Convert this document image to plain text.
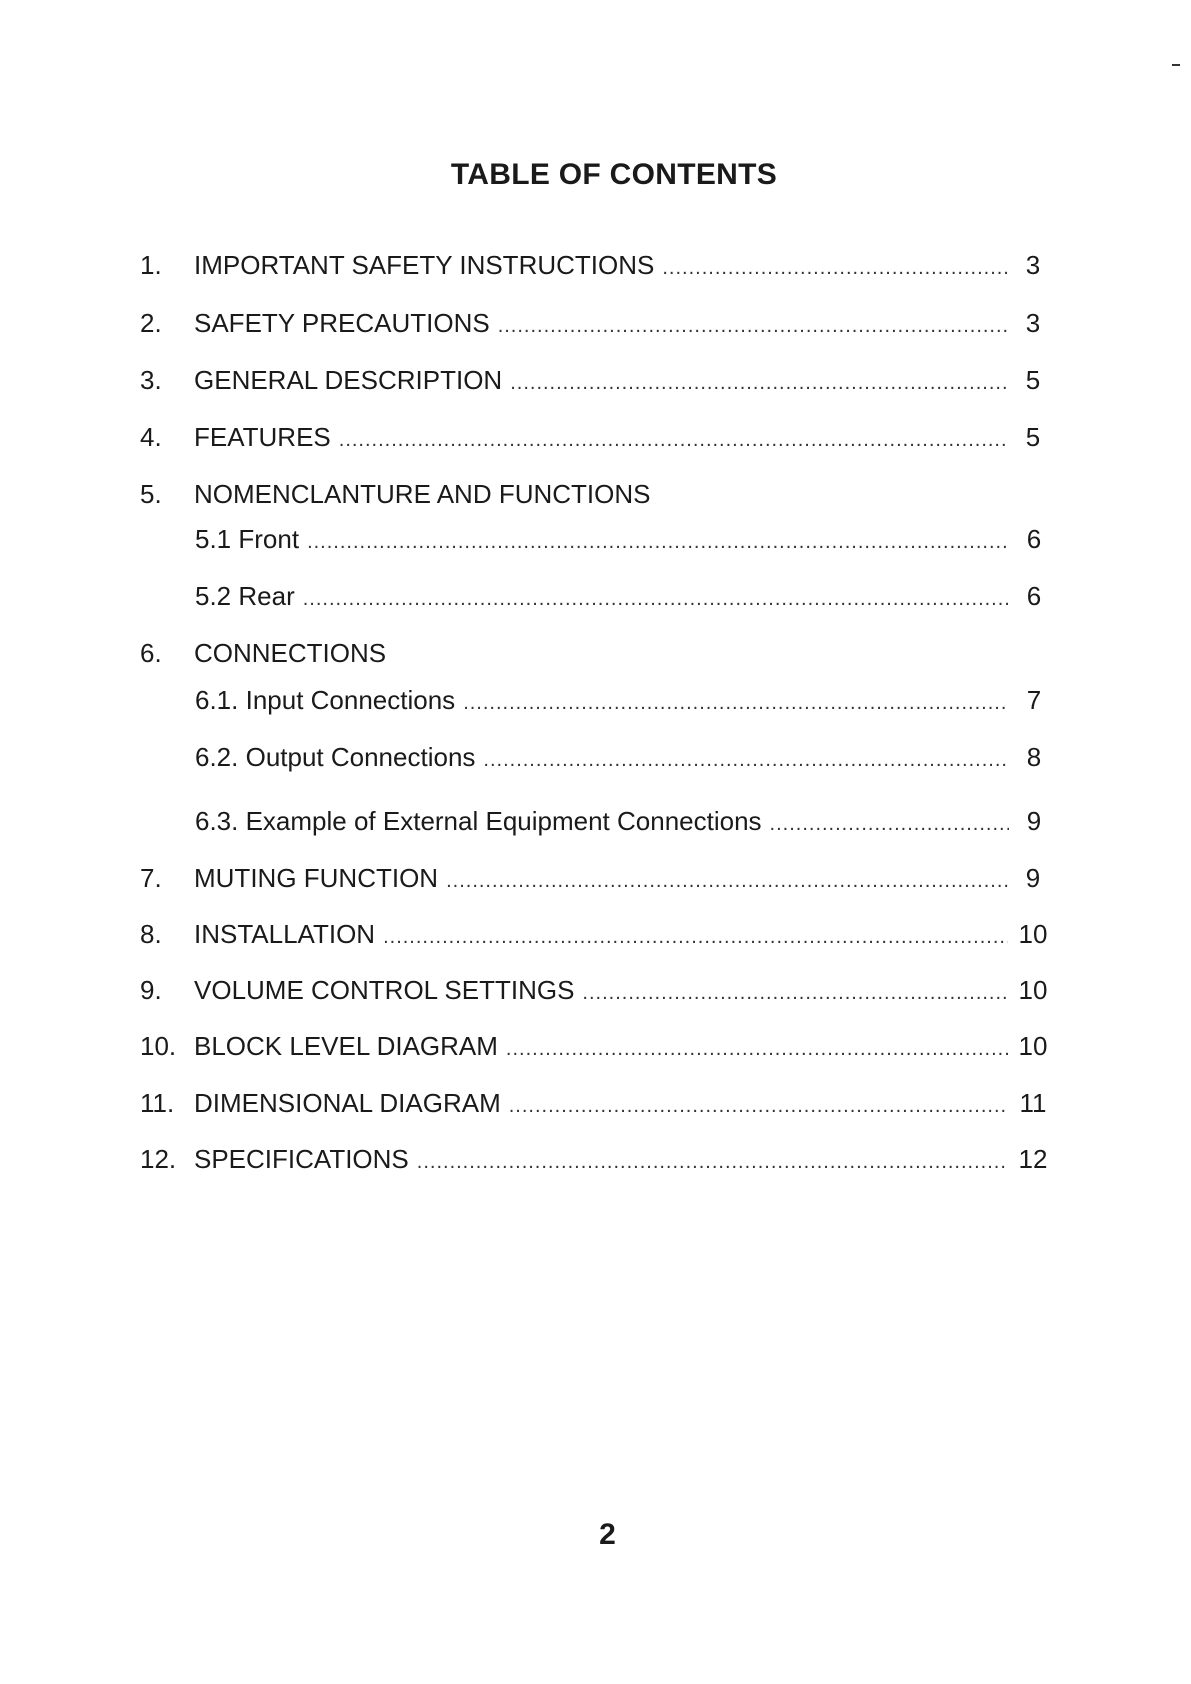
TABLE OF CONTENTS
1.	IMPORTANT SAFETY INSTRUCTIONS .....	3
2.	SAFETY PRECAUTIONS .....	3
3.	GENERAL DESCRIPTION .....	5
4.	FEATURES .....	5
5.	NOMENCLANTURE AND FUNCTIONS
5.1 Front .....	6
5.2 Rear .....	6
6.	CONNECTIONS
6.1. Input Connections .....	7
6.2. Output Connections .....	8
6.3. Example of External Equipment Connections .....	9
7.	MUTING FUNCTION .....	9
8.	INSTALLATION .....	10
9.	VOLUME CONTROL SETTINGS .....	10
10. BLOCK LEVEL DIAGRAM .....	10
11. DIMENSIONAL DIAGRAM .....	11
12. SPECIFICATIONS .....	12
2
